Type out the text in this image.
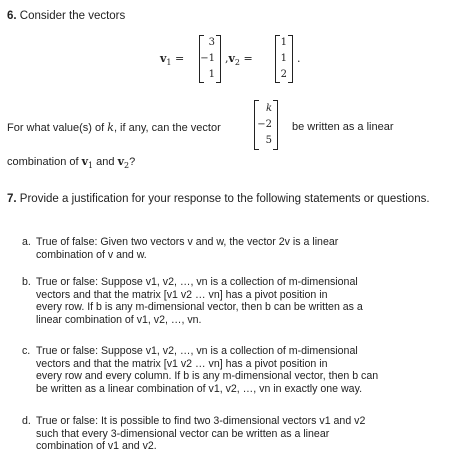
6. Consider the vectors
$v_1$ =
3
−1
1
$,v_2$ =
1
1
2
.
For what value(s) of k, if any, can the vector
k
−2
5
be written as a linear
combination of $v_1$ and $v_2$?
7. Provide a justification for your response to the following statements or questions.
a. True of false: Given two vectors v and w, the vector 2v is a linear
combination of v and w.
b. True or false: Suppose v1, v2, …, vn is a collection of m-dimensional
vectors and that the matrix [v1 v2 … vn] has a pivot position in
every row. If b is any m-dimensional vector, then b can be written as a
linear combination of v1, v2, …, vn.
c. True or false: Suppose v1, v2, …, vn is a collection of m-dimensional
vectors and that the matrix [v1 v2 … vn] has a pivot position in
every row and every column. If b is any m-dimensional vector, then b can
be written as a linear combination of v1, v2, …, vn in exactly one way.
d. True or false: It is possible to find two 3-dimensional vectors v1 and v2
such that every 3-dimensional vector can be written as a linear
combination of v1 and v2.
